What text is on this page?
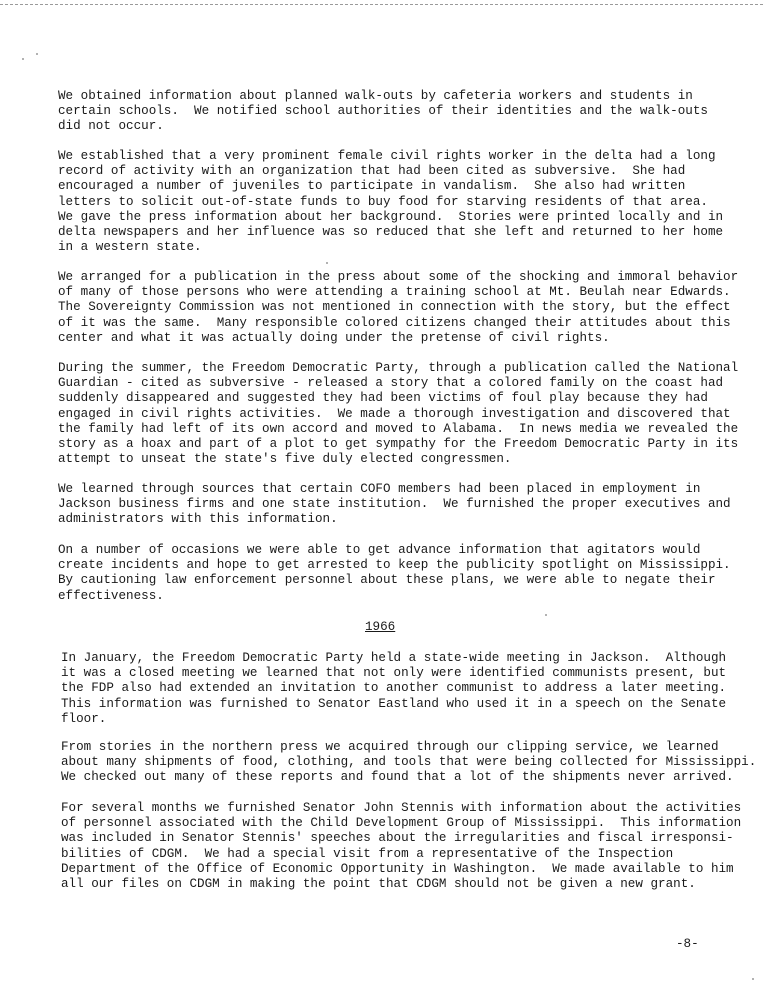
We obtained information about planned walk-outs by cafeteria workers and students in
certain schools.  We notified school authorities of their identities and the walk-outs
did not occur.

We established that a very prominent female civil rights worker in the delta had a long
record of activity with an organization that had been cited as subversive.  She had
encouraged a number of juveniles to participate in vandalism.  She also had written
letters to solicit out-of-state funds to buy food for starving residents of that area.
We gave the press information about her background.  Stories were printed locally and in
delta newspapers and her influence was so reduced that she left and returned to her home
in a western state.

We arranged for a publication in the press about some of the shocking and immoral behavior
of many of those persons who were attending a training school at Mt. Beulah near Edwards.
The Sovereignty Commission was not mentioned in connection with the story, but the effect
of it was the same.  Many responsible colored citizens changed their attitudes about this
center and what it was actually doing under the pretense of civil rights.

During the summer, the Freedom Democratic Party, through a publication called the National
Guardian - cited as subversive - released a story that a colored family on the coast had
suddenly disappeared and suggested they had been victims of foul play because they had
engaged in civil rights activities.  We made a thorough investigation and discovered that
the family had left of its own accord and moved to Alabama.  In news media we revealed the
story as a hoax and part of a plot to get sympathy for the Freedom Democratic Party in its
attempt to unseat the state's five duly elected congressmen.

We learned through sources that certain COFO members had been placed in employment in
Jackson business firms and one state institution.  We furnished the proper executives and
administrators with this information.

On a number of occasions we were able to get advance information that agitators would
create incidents and hope to get arrested to keep the publicity spotlight on Mississippi.
By cautioning law enforcement personnel about these plans, we were able to negate their
effectiveness.

In January, the Freedom Democratic Party held a state-wide meeting in Jackson.  Although
it was a closed meeting we learned that not only were identified communists present, but
the FDP also had extended an invitation to another communist to address a later meeting.
This information was furnished to Senator Eastland who used it in a speech on the Senate
floor.

From stories in the northern press we acquired through our clipping service, we learned
about many shipments of food, clothing, and tools that were being collected for Mississippi.
We checked out many of these reports and found that a lot of the shipments never arrived.

For several months we furnished Senator John Stennis with information about the activities
of personnel associated with the Child Development Group of Mississippi.  This information
was included in Senator Stennis' speeches about the irregularities and fiscal irresponsi-
bilities of CDGM.  We had a special visit from a representative of the Inspection
Department of the Office of Economic Opportunity in Washington.  We made available to him
all our files on CDGM in making the point that CDGM should not be given a new grant.

1966

-8-
